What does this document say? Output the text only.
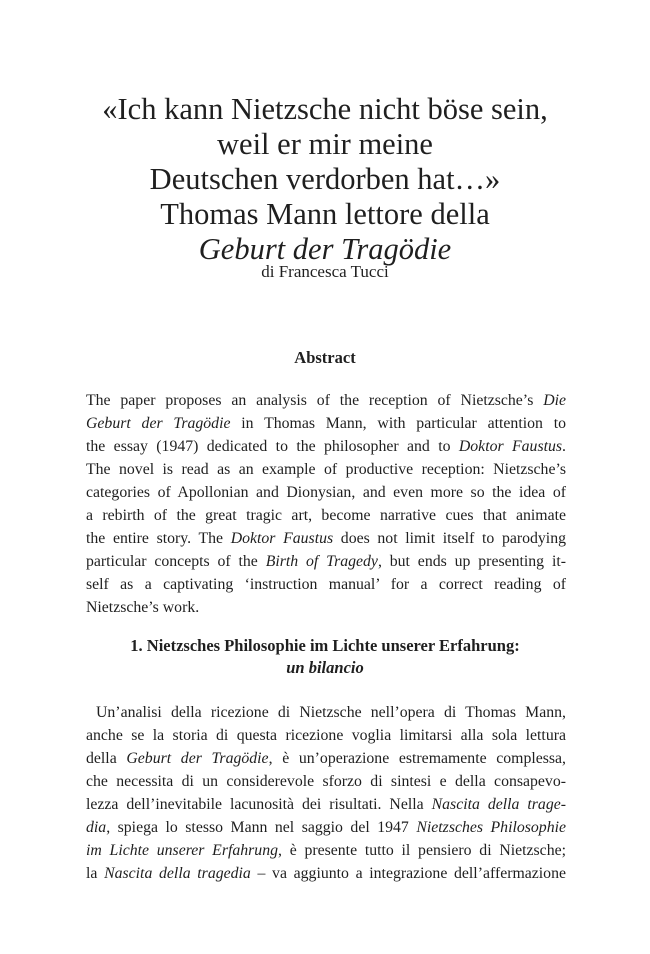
«Ich kann Nietzsche nicht böse sein,
weil er mir meine
Deutschen verdorben hat…»
Thomas Mann lettore della
Geburt der Tragödie
di Francesca Tucci
Abstract
The paper proposes an analysis of the reception of Nietzsche’s Die
Geburt der Tragödie in Thomas Mann, with particular attention to
the essay (1947) dedicated to the philosopher and to Doktor Faustus.
The novel is read as an example of productive reception: Nietzsche’s
categories of Apollonian and Dionysian, and even more so the idea of
a rebirth of the great tragic art, become narrative cues that animate
the entire story. The Doktor Faustus does not limit itself to parodying
particular concepts of the Birth of Tragedy, but ends up presenting it-
self as a captivating ‘instruction manual’ for a correct reading of
Nietzsche’s work.
1. Nietzsches Philosophie im Lichte unserer Erfahrung:
un bilancio
Un’analisi della ricezione di Nietzsche nell’opera di Thomas Mann,
anche se la storia di questa ricezione voglia limitarsi alla sola lettura
della Geburt der Tragödie, è un’operazione estremamente complessa,
che necessita di un considerevole sforzo di sintesi e della consapevo-
lezza dell’inevitabile lacunosità dei risultati. Nella Nascita della trage-
dia, spiega lo stesso Mann nel saggio del 1947 Nietzsches Philosophie
im Lichte unserer Erfahrung, è presente tutto il pensiero di Nietzsche;
la Nascita della tragedia – va aggiunto a integrazione dell’affermazione
